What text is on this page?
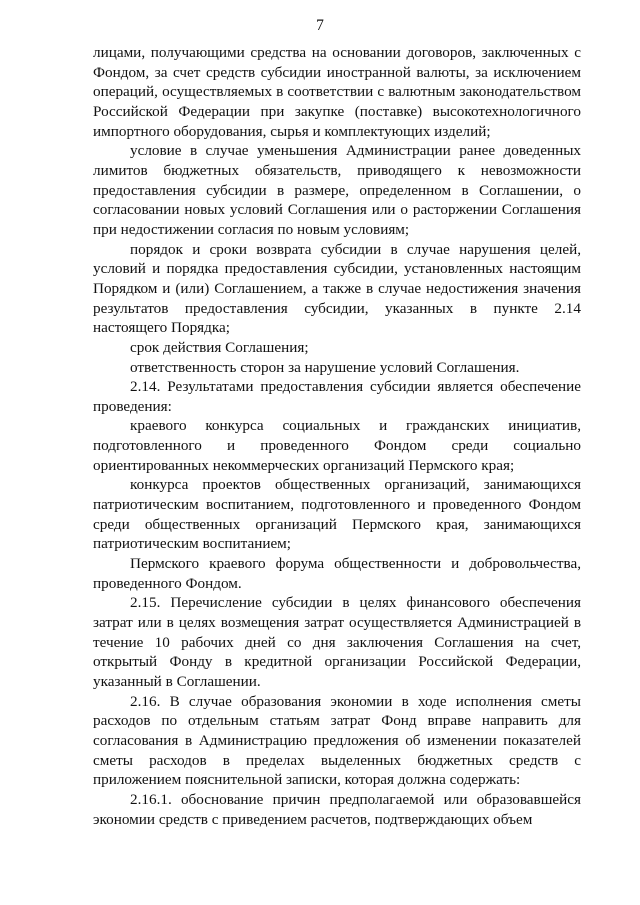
7

лицами, получающими средства на основании договоров, заключенных с Фондом, за счет средств субсидии иностранной валюты, за исключением операций, осуществляемых в соответствии с валютным законодательством Российской Федерации при закупке (поставке) высокотехнологичного импортного оборудования, сырья и комплектующих изделий;

условие в случае уменьшения Администрации ранее доведенных лимитов бюджетных обязательств, приводящего к невозможности предоставления субсидии в размере, определенном в Соглашении, о согласовании новых условий Соглашения или о расторжении Соглашения при недостижении согласия по новым условиям;

порядок и сроки возврата субсидии в случае нарушения целей, условий и порядка предоставления субсидии, установленных настоящим Порядком и (или) Соглашением, а также в случае недостижения значения результатов предоставления субсидии, указанных в пункте 2.14 настоящего Порядка;

срок действия Соглашения;

ответственность сторон за нарушение условий Соглашения.

2.14. Результатами предоставления субсидии является обеспечение проведения:

краевого конкурса социальных и гражданских инициатив, подготовленного и проведенного Фондом среди социально ориентированных некоммерческих организаций Пермского края;

конкурса проектов общественных организаций, занимающихся патриотическим воспитанием, подготовленного и проведенного Фондом среди общественных организаций Пермского края, занимающихся патриотическим воспитанием;

Пермского краевого форума общественности и добровольчества, проведенного Фондом.

2.15. Перечисление субсидии в целях финансового обеспечения затрат или в целях возмещения затрат осуществляется Администрацией в течение 10 рабочих дней со дня заключения Соглашения на счет, открытый Фонду в кредитной организации Российской Федерации, указанный в Соглашении.

2.16. В случае образования экономии в ходе исполнения сметы расходов по отдельным статьям затрат Фонд вправе направить для согласования в Администрацию предложения об изменении показателей сметы расходов в пределах выделенных бюджетных средств с приложением пояснительной записки, которая должна содержать:

2.16.1. обоснование причин предполагаемой или образовавшейся экономии средств с приведением расчетов, подтверждающих объем
